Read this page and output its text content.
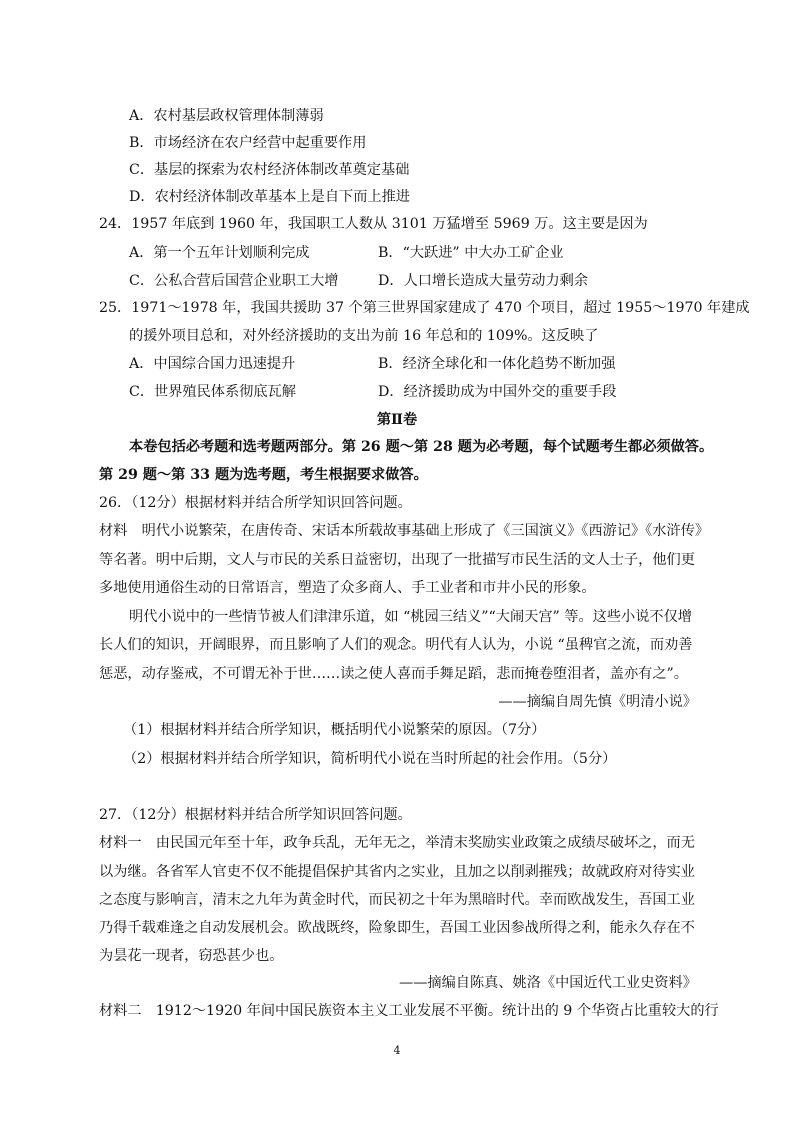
A．农村基层政权管理体制薄弱
B．市场经济在农户经营中起重要作用
C．基层的探索为农村经济体制改革奠定基础
D．农村经济体制改革基本上是自下而上推进
24．1957 年底到 1960 年，我国职工人数从 3101 万猛增至 5969 万。这主要是因为
A．第一个五年计划顺利完成	B．“大跃进” 中大办工矿企业
C．公私合营后国营企业职工大增	D．人口增长造成大量劳动力剩余
25．1971～1978 年，我国共援助 37 个第三世界国家建成了 470 个项目，超过 1955～1970 年建成
的援外项目总和，对外经济援助的支出为前 16 年总和的 109%。这反映了
A．中国综合国力迅速提升	B．经济全球化和一体化趋势不断加强
C．世界殖民体系彻底瓦解	D．经济援助成为中国外交的重要手段
第Ⅱ卷
本卷包括必考题和选考题两部分。第 26 题～第 28 题为必考题，每个试题考生都必须做答。
第 29 题～第 33 题为选考题，考生根据要求做答。
26．（12分）根据材料并结合所学知识回答问题。
材料　明代小说繁荣，在唐传奇、宋话本所载故事基础上形成了《三国演义》《西游记》《水浒传》
等名著。明中后期，文人与市民的关系日益密切，出现了一批描写市民生活的文人士子，他们更
多地使用通俗生动的日常语言，塑造了众多商人、手工业者和市井小民的形象。
明代小说中的一些情节被人们津津乐道，如 “桃园三结义”“大闹天宫” 等。这些小说不仅增
长人们的知识，开阔眼界，而且影响了人们的观念。明代有人认为，小说 “虽稗官之流，而劝善
惩恶，动存鉴戒，不可谓无补于世……读之使人喜而手舞足蹈，悲而掩卷堕泪者，盖亦有之”。
——摘编自周先慎《明清小说》
（1）根据材料并结合所学知识，概括明代小说繁荣的原因。（7分）
（2）根据材料并结合所学知识，简析明代小说在当时所起的社会作用。（5分）
27．（12分）根据材料并结合所学知识回答问题。
材料一　由民国元年至十年，政争兵乱，无年无之，举清末奖励实业政策之成绩尽破坏之，而无
以为继。各省军人官吏不仅不能提倡保护其省内之实业，且加之以削剥摧残；故就政府对待实业
之态度与影响言，清末之九年为黄金时代，而民初之十年为黑暗时代。幸而欧战发生，吾国工业
乃得千载难逢之自动发展机会。欧战既终，险象即生，吾国工业因参战所得之利，能永久存在不
为昙花一现者，窃恐甚少也。
——摘编自陈真、姚洛《中国近代工业史资料》
材料二　1912～1920 年间中国民族资本主义工业发展不平衡。统计出的 9 个华资占比重较大的行
4
